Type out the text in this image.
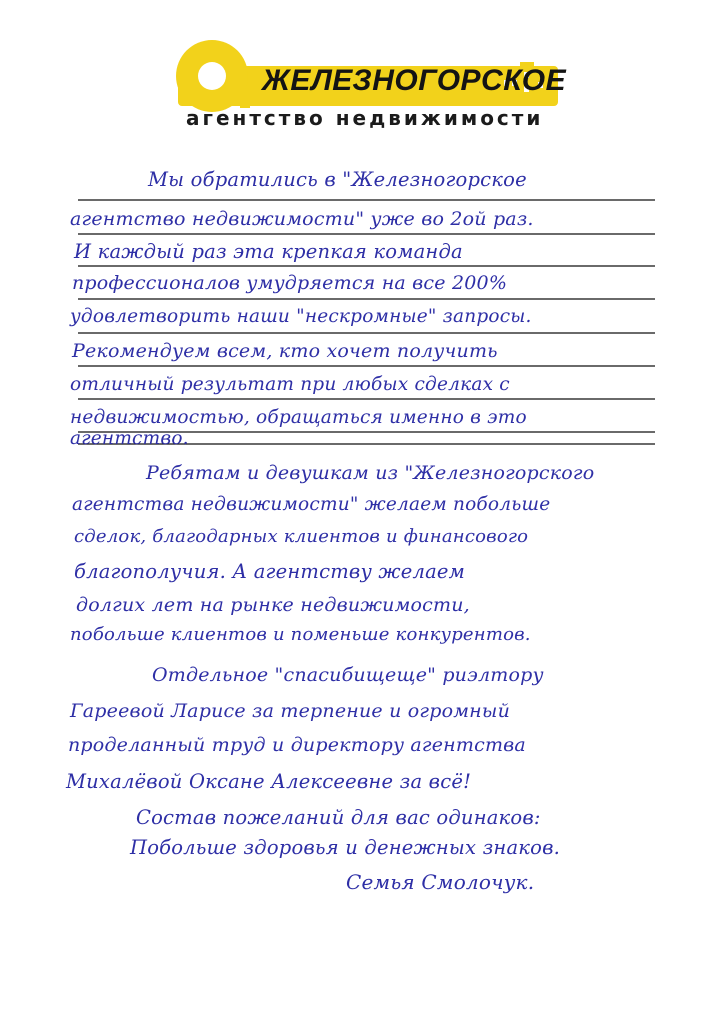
ЖЕЛЕЗНОГОРСКОЕ
агентство недвижимости
Мы обратились в "Железногорское
агентство недвижимости" уже во 2ой раз.
И каждый раз эта крепкая команда
профессионалов умудряется на все 200%
удовлетворить наши "нескромные" запросы.
Рекомендуем всем, кто хочет получить
отличный результат при любых сделках с
недвижимостью, обращаться именно в это
агентство.
Ребятам и девушкам из "Железногорского
агентства недвижимости" желаем побольше
сделок, благодарных клиентов и финансового
благополучия. А агентству желаем
долгих лет на рынке недвижимости,
побольше клиентов и поменьше конкурентов.
Отдельное "спасибищеще" риэлтору
Гареевой Ларисе за терпение и огромный
проделанный труд и директору агентства
Михалёвой Оксане Алексеевне за всё!
Состав пожеланий для вас одинаков:
Побольше здоровья и денежных знаков.
Семья Смолочук.
